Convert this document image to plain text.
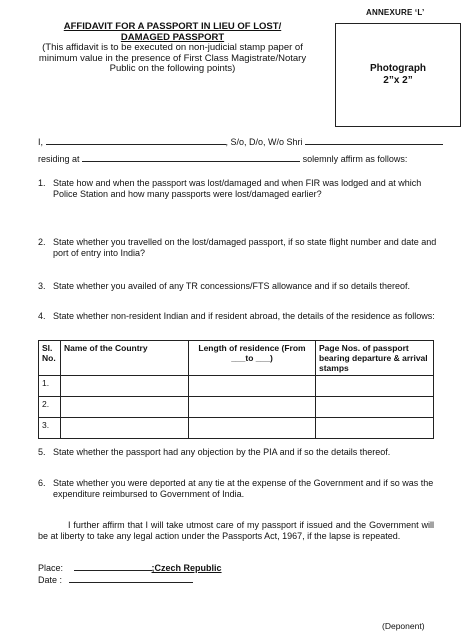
ANNEXURE ‘L’
Photograph
2”x 2”
AFFIDAVIT FOR A PASSPORT IN LIEU OF LOST/
DAMAGED PASSPORT
(This affidavit is to be executed on non-judicial stamp paper of
minimum value in the presence of First Class Magistrate/Notary
Public on the following points)
I,	, S/o, D/o, W/o Shri
residing at	solemnly affirm as follows:
1. State how and when the passport was lost/damaged and when FIR was lodged and at which Police Station and how many passports were lost/damaged earlier?
2. State whether you travelled on the lost/damaged passport, if so state flight number and date and port of entry into India?
3. State whether you availed of any TR concessions/FTS allowance and if so details thereof.
4. State whether non-resident Indian and if resident abroad, the details of the residence as follows:
Sl. No.	Name of the Country	Length of residence (From ___to ___)	Page Nos. of passport bearing departure & arrival stamps
1.			
2.			
3.			
5. State whether the passport had any objection by the PIA and if so the details thereof.
6. State whether you were deported at any tie at the expense of the Government and if so was the expenditure reimbursed to Government of India.
I further affirm that I will take utmost care of my passport if issued and the Government will be at liberty to take any legal action under the Passports Act, 1967, if the lapse is repeated.
Place:	;Czech Republic
Date :
(Deponent)
